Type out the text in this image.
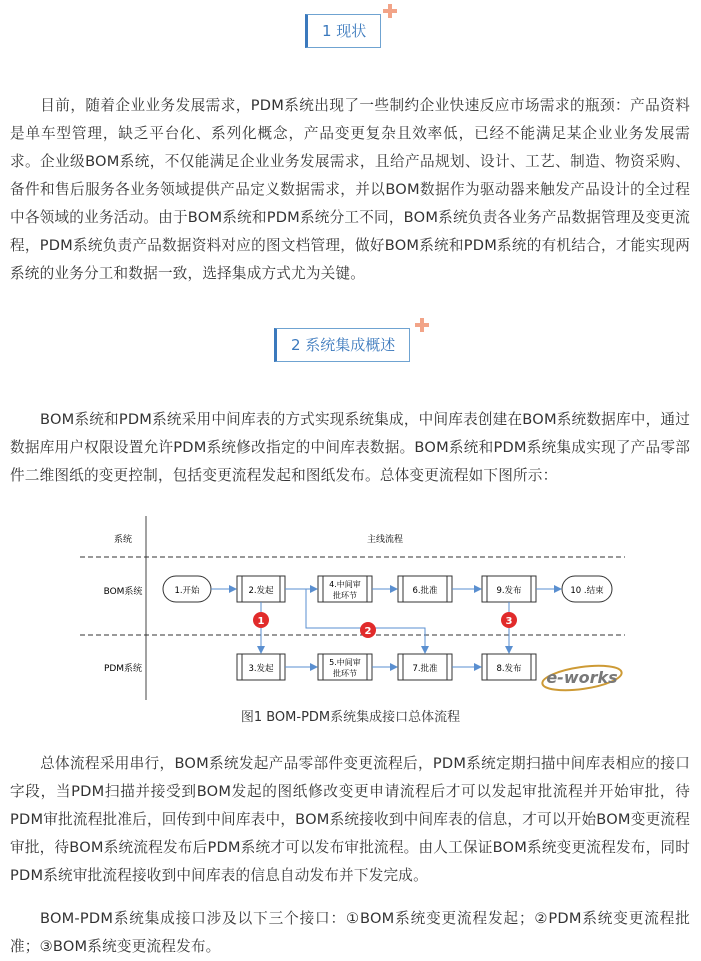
1 现状

目前，随着企业业务发展需求，PDM系统出现了一些制约企业快速反应市场需求的瓶颈：产品资料是单车型管理，缺乏平台化、系列化概念，产品变更复杂且效率低，已经不能满足某企业业务发展需求。企业级BOM系统，不仅能满足企业业务发展需求，且给产品规划、设计、工艺、制造、物资采购、备件和售后服务各业务领域提供产品定义数据需求，并以BOM数据作为驱动器来触发产品设计的全过程中各领域的业务活动。由于BOM系统和PDM系统分工不同，BOM系统负责各业务产品数据管理及变更流程，PDM系统负责产品数据资料对应的图文档管理，做好BOM系统和PDM系统的有机结合，才能实现两系统的业务分工和数据一致，选择集成方式尤为关键。

2 系统集成概述

BOM系统和PDM系统采用中间库表的方式实现系统集成，中间库表创建在BOM系统数据库中，通过数据库用户权限设置允许PDM系统修改指定的中间库表数据。BOM系统和PDM系统集成实现了产品零部件二维图纸的变更控制，包括变更流程发起和图纸发布。总体变更流程如下图所示：

系统	主线流程
BOM系统
PDM系统
1.开始	2.发起
4.中间审
批环节	6.批准	9.发布	10 .结束
3.发起
5.中间审
批环节	7.批准	8.发布
1
2
3
e-works
图1 BOM-PDM系统集成接口总体流程

总体流程采用串行，BOM系统发起产品零部件变更流程后，PDM系统定期扫描中间库表相应的接口字段，当PDM扫描并接受到BOM发起的图纸修改变更申请流程后才可以发起审批流程并开始审批，待PDM审批流程批准后，回传到中间库表中，BOM系统接收到中间库表的信息，才可以开始BOM变更流程审批，待BOM系统流程发布后PDM系统才可以发布审批流程。由人工保证BOM系统变更流程发布，同时PDM系统审批流程接收到中间库表的信息自动发布并下发完成。

BOM-PDM系统集成接口涉及以下三个接口：①BOM系统变更流程发起；②PDM系统变更流程批准；③BOM系统变更流程发布。
